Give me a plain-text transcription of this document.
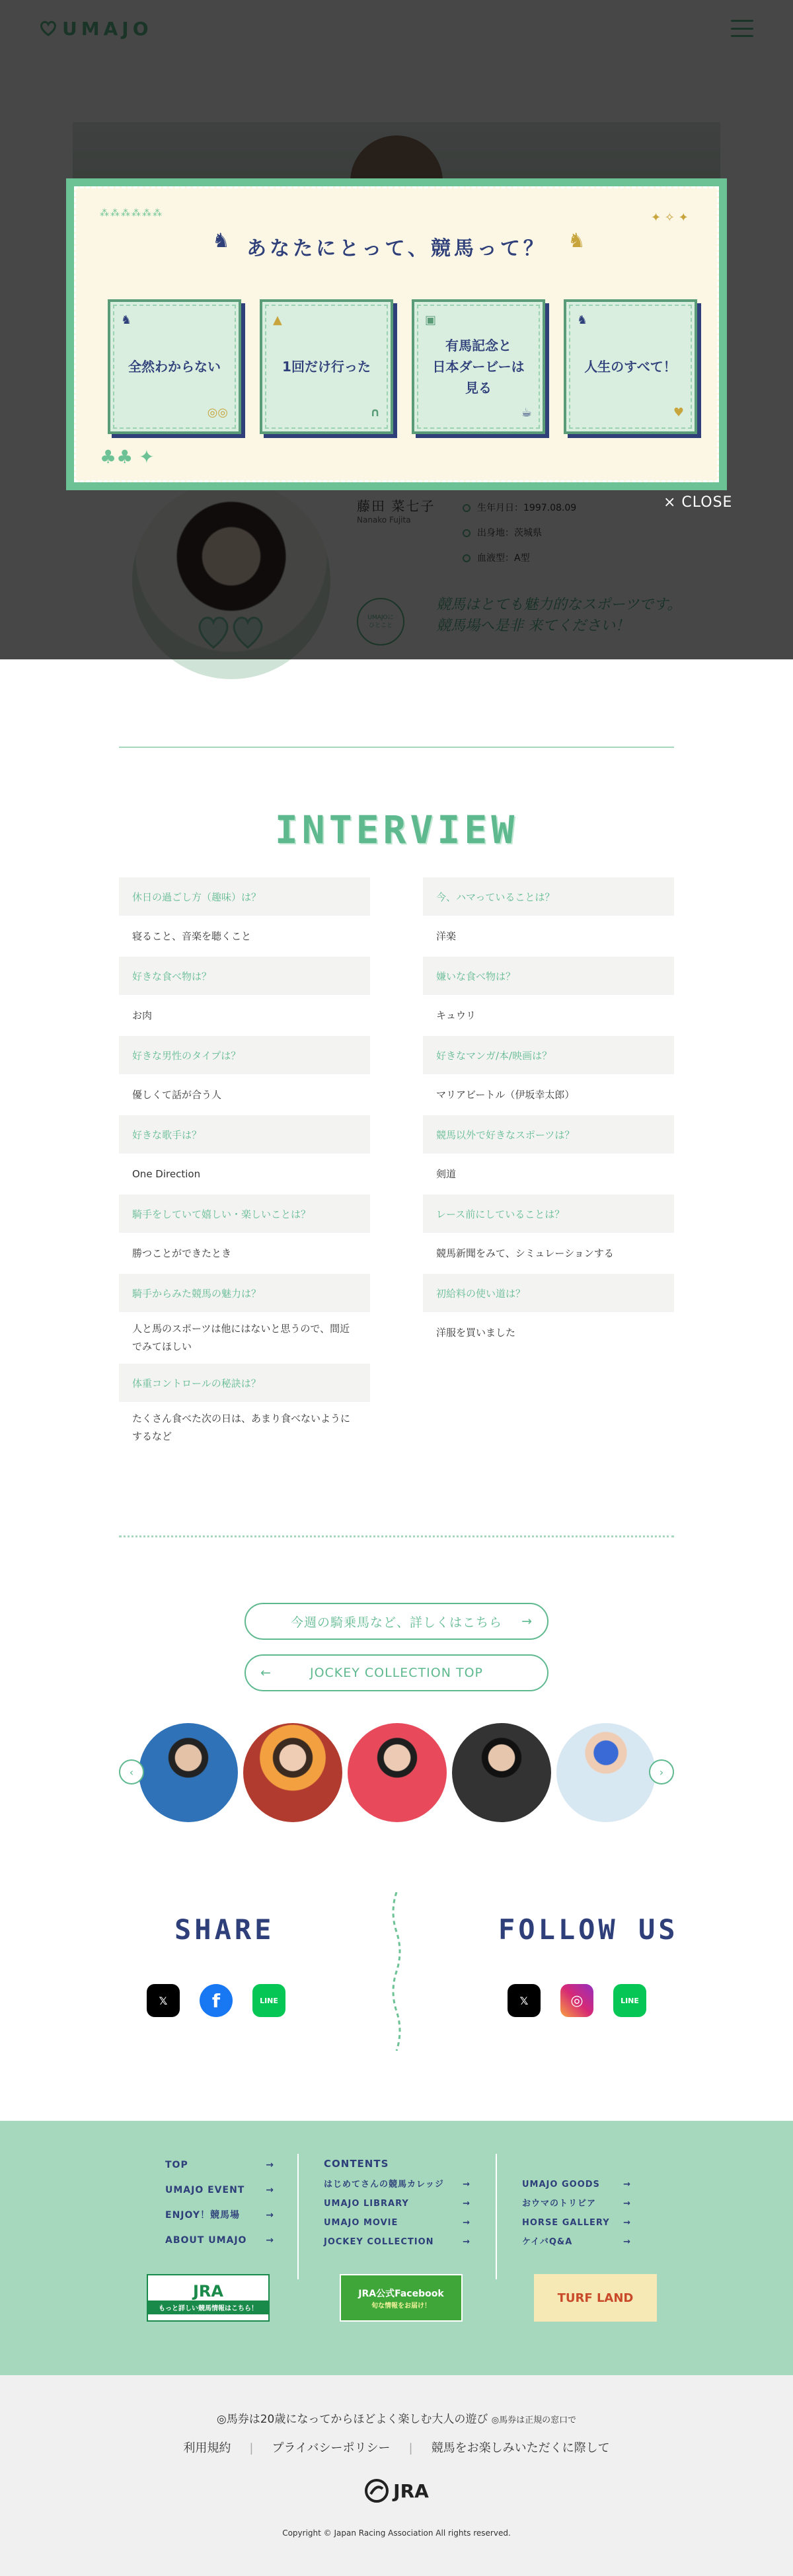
⁂⁂⁂⁂⁂⁂
♞	♞
✦ ✧ ✦
♣♣ ✦
あなたにとって、競馬って？
全然わからない
♞
◎◎
1回だけ行った
▲
∩
有馬記念と
日本ダービーは
見る
▣
☕
人生のすべて！
♞
♥
× CLOSE
INTERVIEW
休日の過ごし方（趣味）は？
寝ること、音楽を聴くこと
好きな食べ物は？
お肉
好きな男性のタイプは？
優しくて話が合う人
好きな歌手は？
One Direction
騎手をしていて嬉しい・楽しいことは？
勝つことができたとき
騎手からみた競馬の魅力は？
人と馬のスポーツは他にはないと思うので、間近でみてほしい
体重コントロールの秘訣は？
たくさん食べた次の日は、あまり食べないようにするなど
今、ハマっていることは？
洋楽
嫌いな食べ物は？
キュウリ
好きなマンガ/本/映画は？
マリアビートル（伊坂幸太郎）
競馬以外で好きなスポーツは？
剣道
レース前にしていることは？
競馬新聞をみて、シミュレーションする
初給料の使い道は？
洋服を買いました
今週の騎乗馬など、詳しくはこちら →
←	JOCKEY COLLECTION TOP
‹	›
SHARE	FOLLOW US
𝕏	f	LINE	𝕏	◎	LINE
TOP	→
UMAJO EVENT →
ENJOY！競馬場	→
ABOUT UMAJO →
CONTENTS
はじめてさんの競馬カレッジ →
UMAJO LIBRARY	→
UMAJO MOVIE	→
JOCKEY COLLECTION	→
UMAJO GOODS	→
おウマのトリビア	→
HORSE GALLERY →
ケイバQ&A	→
JRA
もっと詳しい競馬情報はこちら！
JRA公式Facebook
旬な情報をお届け！
TURF LAND
◎馬券は20歳になってからほどよく楽しむ大人の遊び ◎馬券は正規の窓口で
利用規約 | プライバシーポリシー | 競馬をお楽しみいただくに際して
JRA
Copyright © Japan Racing Association All rights reserved.
